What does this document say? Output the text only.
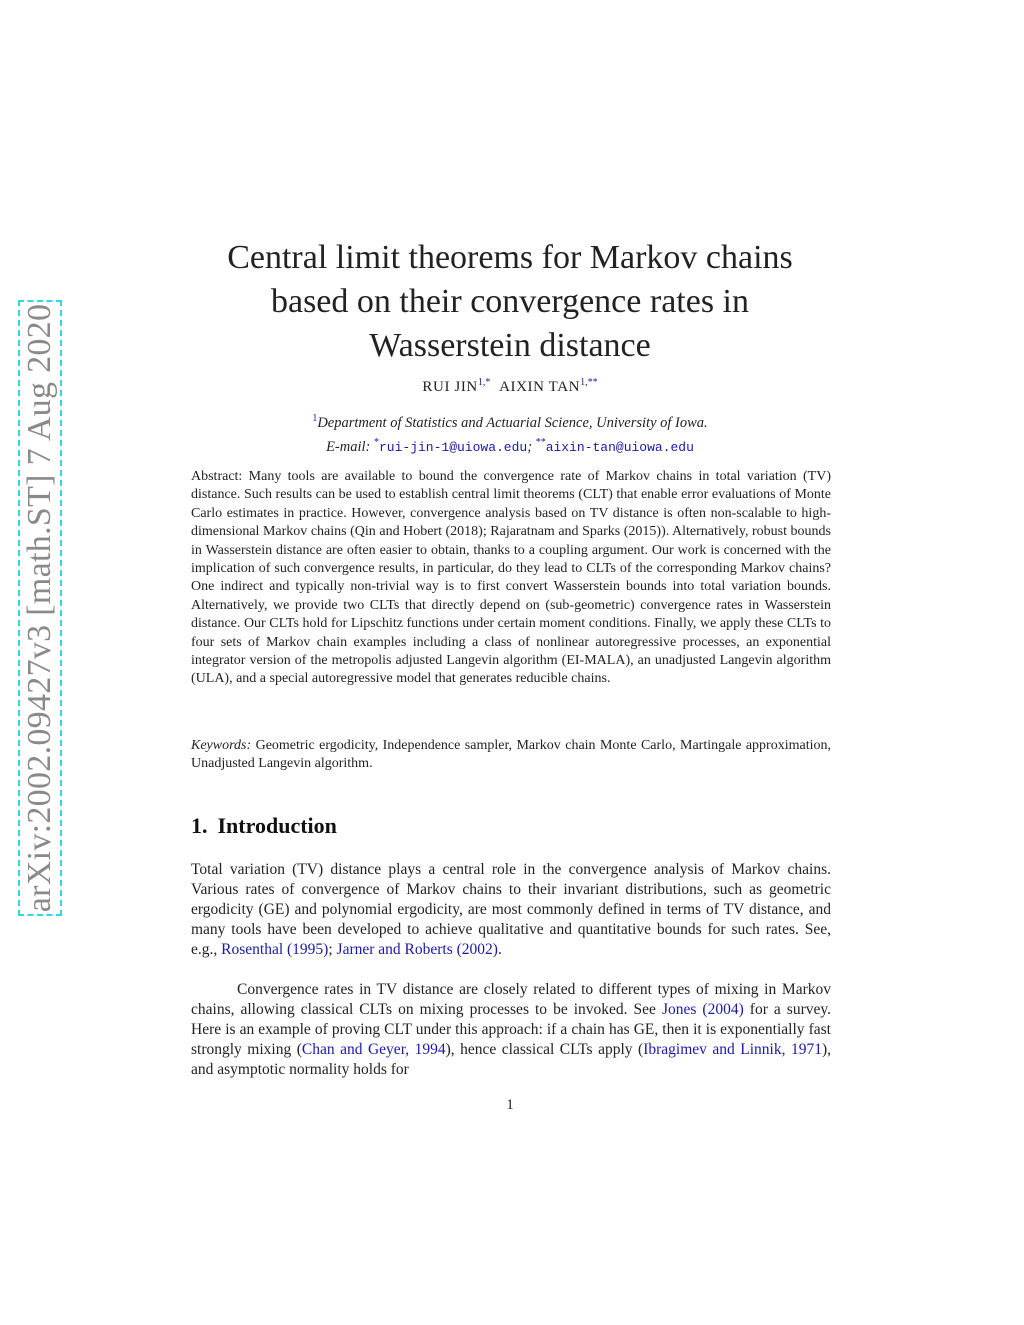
arXiv:2002.09427v3 [math.ST] 7 Aug 2020
Central limit theorems for Markov chains
based on their convergence rates in
Wasserstein distance
RUI $JIN^{1,*}$ AIXIN $TAN^{1,**}$
$^1$Department of Statistics and Actuarial Science, University of Iowa.
E-mail: *rui-jin-1@uiowa.edu; **aixin-tan@uiowa.edu

Abstract: Many tools are available to bound the convergence rate of Markov chains in total variation (TV) distance. Such results can be used to establish central limit theorems (CLT) that enable error evaluations of Monte Carlo estimates in practice. However, convergence analysis based on TV distance is often non-scalable to high-dimensional Markov chains (Qin and Hobert (2018); Rajaratnam and Sparks (2015)). Alternatively, robust bounds in Wasserstein distance are often easier to obtain, thanks to a coupling argument. Our work is concerned with the implication of such convergence results, in particular, do they lead to CLTs of the corresponding Markov chains? One indirect and typically non-trivial way is to first convert Wasserstein bounds into total variation bounds. Alternatively, we provide two CLTs that directly depend on (sub-geometric) convergence rates in Wasserstein distance. Our CLTs hold for Lipschitz functions under certain moment conditions. Finally, we apply these CLTs to four sets of Markov chain examples including a class of nonlinear autoregressive processes, an exponential integrator version of the metropolis adjusted Langevin algorithm (EI-MALA), an unadjusted Langevin algorithm (ULA), and a special autoregressive model that generates reducible chains.

Keywords: Geometric ergodicity, Independence sampler, Markov chain Monte Carlo, Martingale approximation, Unadjusted Langevin algorithm.

1. Introduction

Total variation (TV) distance plays a central role in the convergence analysis of Markov chains. Various rates of convergence of Markov chains to their invariant distributions, such as geometric ergodicity (GE) and polynomial ergodicity, are most commonly defined in terms of TV distance, and many tools have been developed to achieve qualitative and quantitative bounds for such rates. See, e.g., Rosenthal (1995); Jarner and Roberts (2002).

Convergence rates in TV distance are closely related to different types of mixing in Markov chains, allowing classical CLTs on mixing processes to be invoked. See Jones (2004) for a survey. Here is an example of proving CLT under this approach: if a chain has GE, then it is exponentially fast strongly mixing (Chan and Geyer, 1994), hence classical CLTs apply (Ibragimev and Linnik, 1971), and asymptotic normality holds for

1
